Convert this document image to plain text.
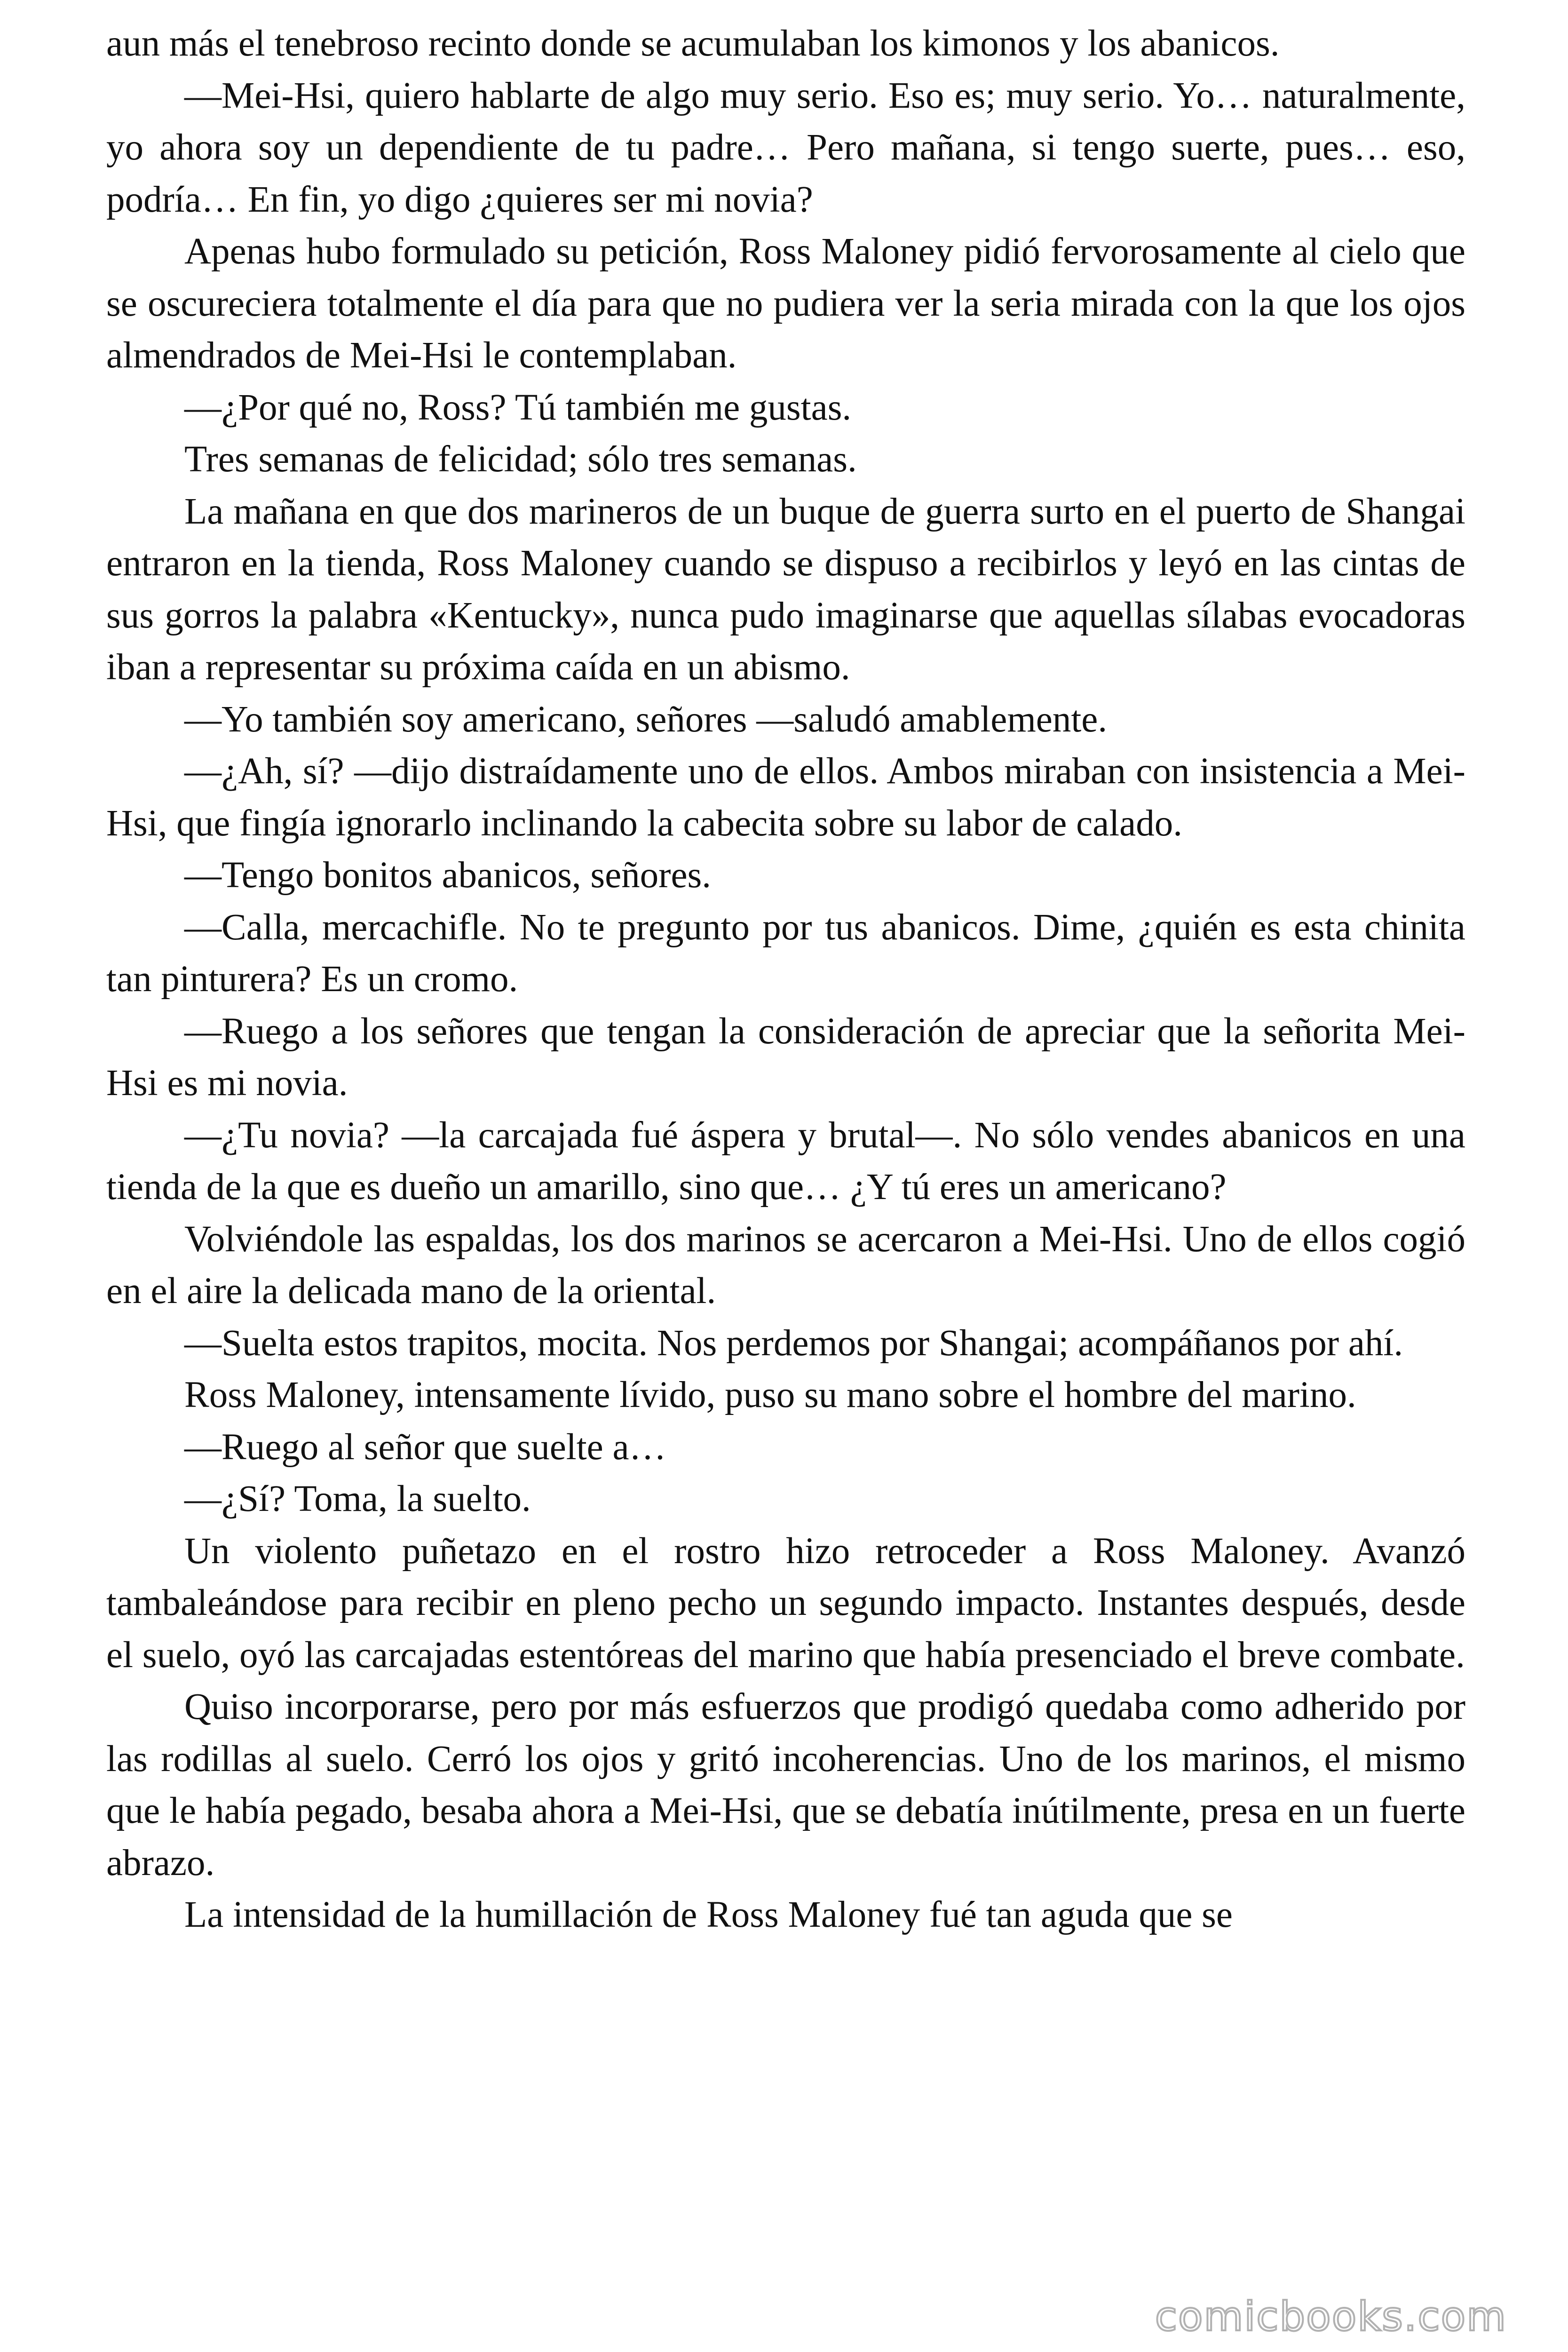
aun más el tenebroso recinto donde se acumulaban los kimonos y los abanicos.

—Mei-Hsi, quiero hablarte de algo muy serio. Eso es; muy serio. Yo… naturalmente, yo ahora soy un dependiente de tu padre… Pero mañana, si tengo suerte, pues… eso, podría… En fin, yo digo ¿quieres ser mi novia?

Apenas hubo formulado su petición, Ross Maloney pidió fervorosamente al cielo que se oscureciera totalmente el día para que no pudiera ver la seria mirada con la que los ojos almendrados de Mei-Hsi le contemplaban.

—¿Por qué no, Ross? Tú también me gustas.

Tres semanas de felicidad; sólo tres semanas.

La mañana en que dos marineros de un buque de guerra surto en el puerto de Shangai entraron en la tienda, Ross Maloney cuando se dispuso a recibirlos y leyó en las cintas de sus gorros la palabra «Kentucky», nunca pudo imaginarse que aquellas sílabas evocadoras iban a representar su próxima caída en un abismo.

—Yo también soy americano, señores —saludó amablemente.

—¿Ah, sí? —dijo distraídamente uno de ellos. Ambos miraban con insistencia a Mei-Hsi, que fingía ignorarlo inclinando la cabecita sobre su labor de calado.

—Tengo bonitos abanicos, señores.

—Calla, mercachifle. No te pregunto por tus abanicos. Dime, ¿quién es esta chinita tan pinturera? Es un cromo.

—Ruego a los señores que tengan la consideración de apreciar que la señorita Mei-Hsi es mi novia.

—¿Tu novia? —la carcajada fué áspera y brutal—. No sólo vendes abanicos en una tienda de la que es dueño un amarillo, sino que… ¿Y tú eres un americano?

Volviéndole las espaldas, los dos marinos se acercaron a Mei-Hsi. Uno de ellos cogió en el aire la delicada mano de la oriental.

—Suelta estos trapitos, mocita. Nos perdemos por Shangai; acompáñanos por ahí.

Ross Maloney, intensamente lívido, puso su mano sobre el hombre del marino.

—Ruego al señor que suelte a…

—¿Sí? Toma, la suelto.

Un violento puñetazo en el rostro hizo retroceder a Ross Maloney. Avanzó tambaleándose para recibir en pleno pecho un segundo impacto. Instantes después, desde el suelo, oyó las carcajadas estentóreas del marino que había presenciado el breve combate.

Quiso incorporarse, pero por más esfuerzos que prodigó quedaba como adherido por las rodillas al suelo. Cerró los ojos y gritó incoherencias. Uno de los marinos, el mismo que le había pegado, besaba ahora a Mei-Hsi, que se debatía inútilmente, presa en un fuerte abrazo.

La intensidad de la humillación de Ross Maloney fué tan aguda que se

comicbooks.com
